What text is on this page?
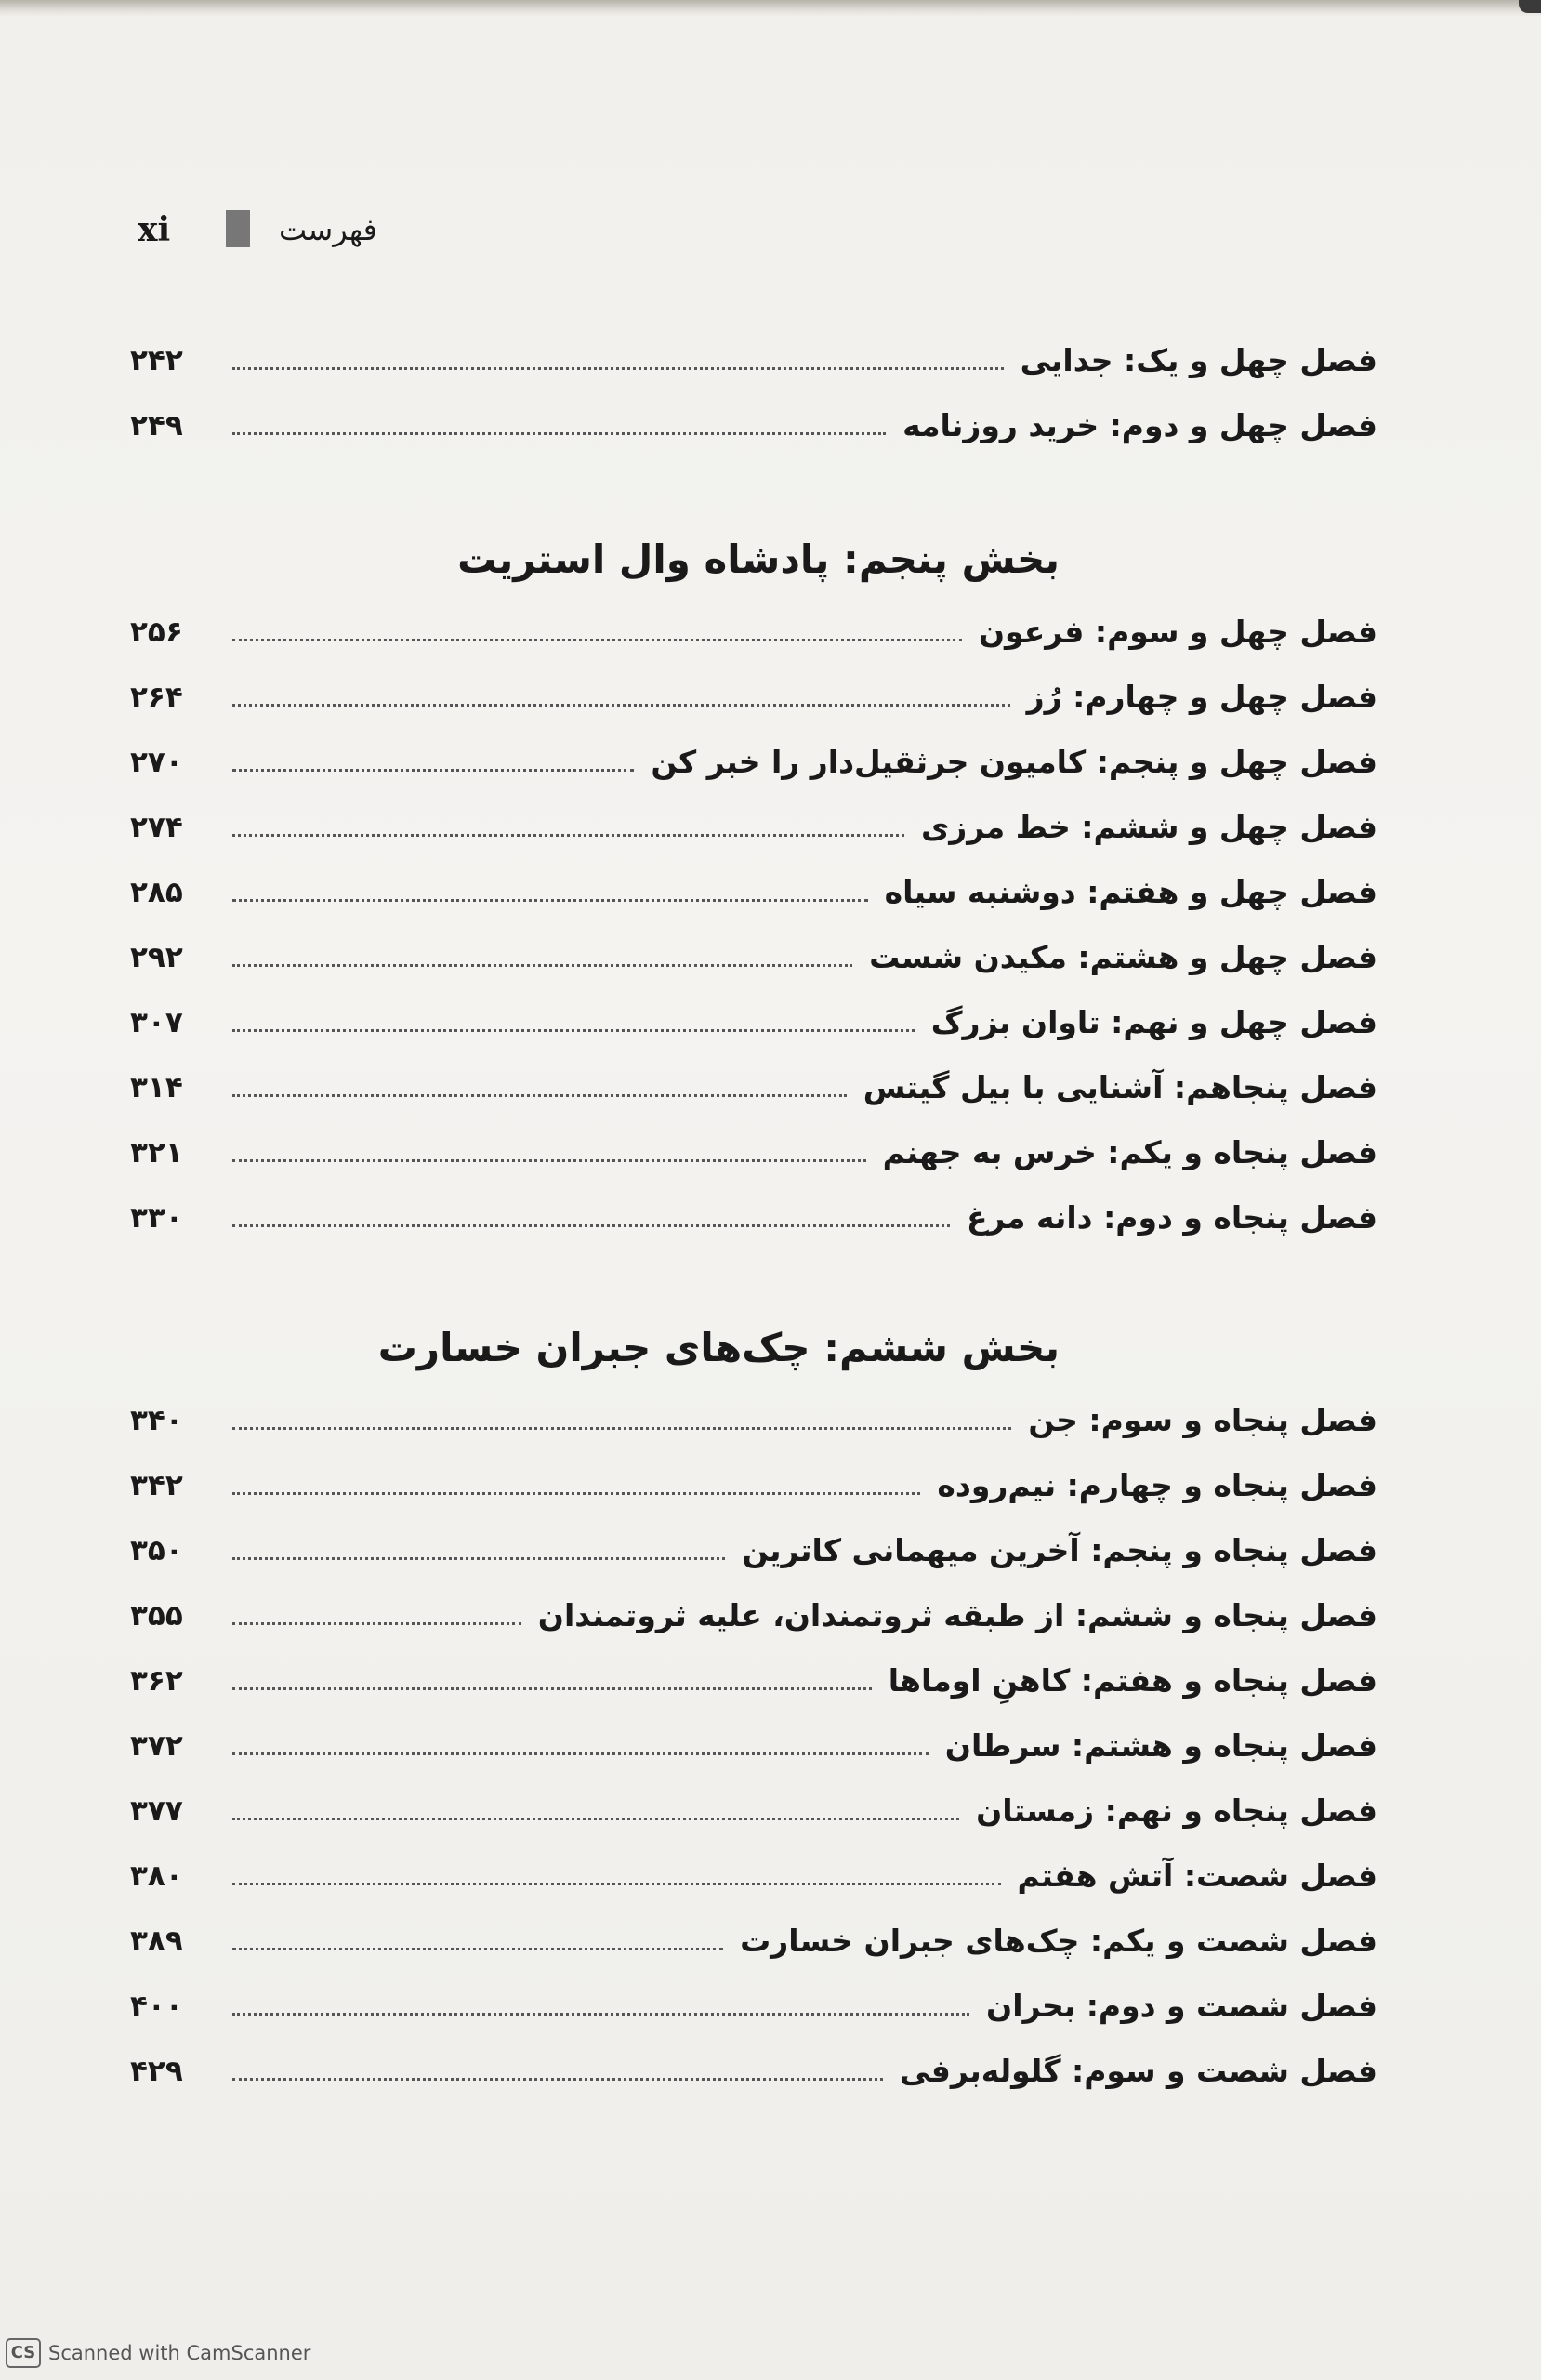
xi	فهرست
۲۴۲	فصل چهل و یک: جدایی
۲۴۹	فصل چهل و دوم: خرید روزنامه
بخش پنجم: پادشاه وال استریت
۲۵۶	فصل چهل و سوم: فرعون
۲۶۴	فصل چهل و چهارم: رُز
۲۷۰	فصل چهل و پنجم: کامیون جرثقیل‌دار را خبر کن
۲۷۴	فصل چهل و ششم: خط مرزی
۲۸۵	فصل چهل و هفتم: دوشنبه سیاه
۲۹۲	فصل چهل و هشتم: مکیدن شست
۳۰۷	فصل چهل و نهم: تاوان بزرگ
۳۱۴	فصل پنجاهم: آشنایی با بیل گیتس
۳۲۱	فصل پنجاه و یکم: خرس به جهنم
۳۳۰	فصل پنجاه و دوم: دانه مرغ
بخش ششم: چک‌های جبران خسارت
۳۴۰	فصل پنجاه و سوم: جن
۳۴۲	فصل پنجاه و چهارم: نیم‌روده
۳۵۰	فصل پنجاه و پنجم: آخرین میهمانی کاترین
۳۵۵	فصل پنجاه و ششم: از طبقه ثروتمندان، علیه ثروتمندان
۳۶۲	فصل پنجاه و هفتم: کاهنِ اوماها
۳۷۲	فصل پنجاه و هشتم: سرطان
۳۷۷	فصل پنجاه و نهم: زمستان
۳۸۰	فصل شصت: آتش هفتم
۳۸۹	فصل شصت و یکم: چک‌های جبران خسارت
۴۰۰	فصل شصت و دوم: بحران
۴۲۹	فصل شصت و سوم: گلوله‌برفی
CS Scanned with CamScanner
